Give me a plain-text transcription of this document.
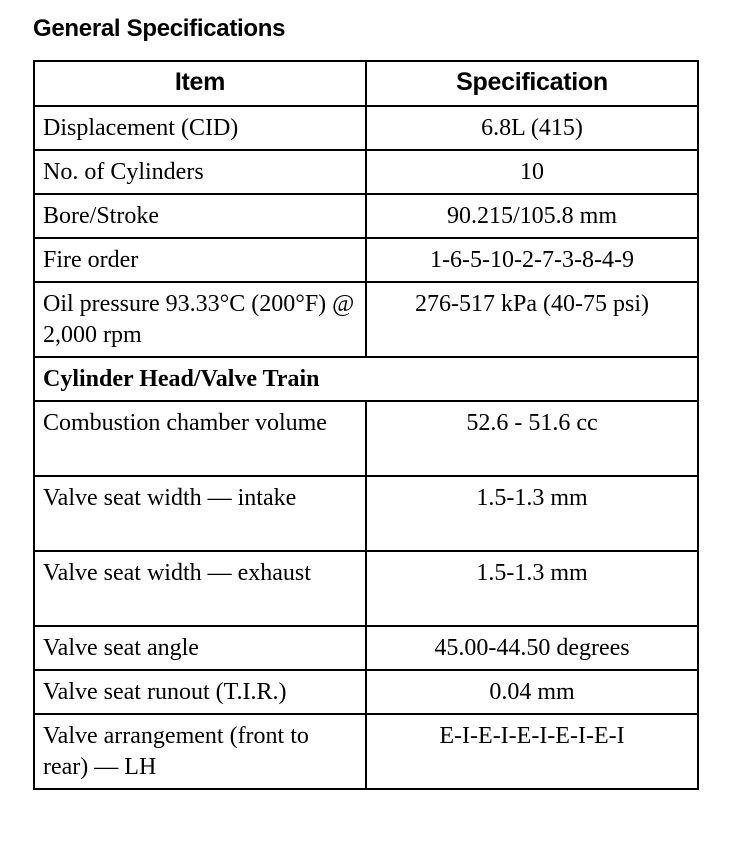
General Specifications
Item	Specification
Displacement (CID)	6.8L (415)
No. of Cylinders	10
Bore/Stroke	90.215/105.8 mm
Fire order	1-6-5-10-2-7-3-8-4-9
Oil pressure 93.33°C (200°F) @ 2,000 rpm	276-517 kPa (40-75 psi)
Cylinder Head/Valve Train	
Combustion chamber volume	52.6 - 51.6 cc
Valve seat width — intake	1.5-1.3 mm
Valve seat width — exhaust	1.5-1.3 mm
Valve seat angle	45.00-44.50 degrees
Valve seat runout (T.I.R.)	0.04 mm
Valve arrangement (front to rear) — LH	E-I-E-I-E-I-E-I-E-I
